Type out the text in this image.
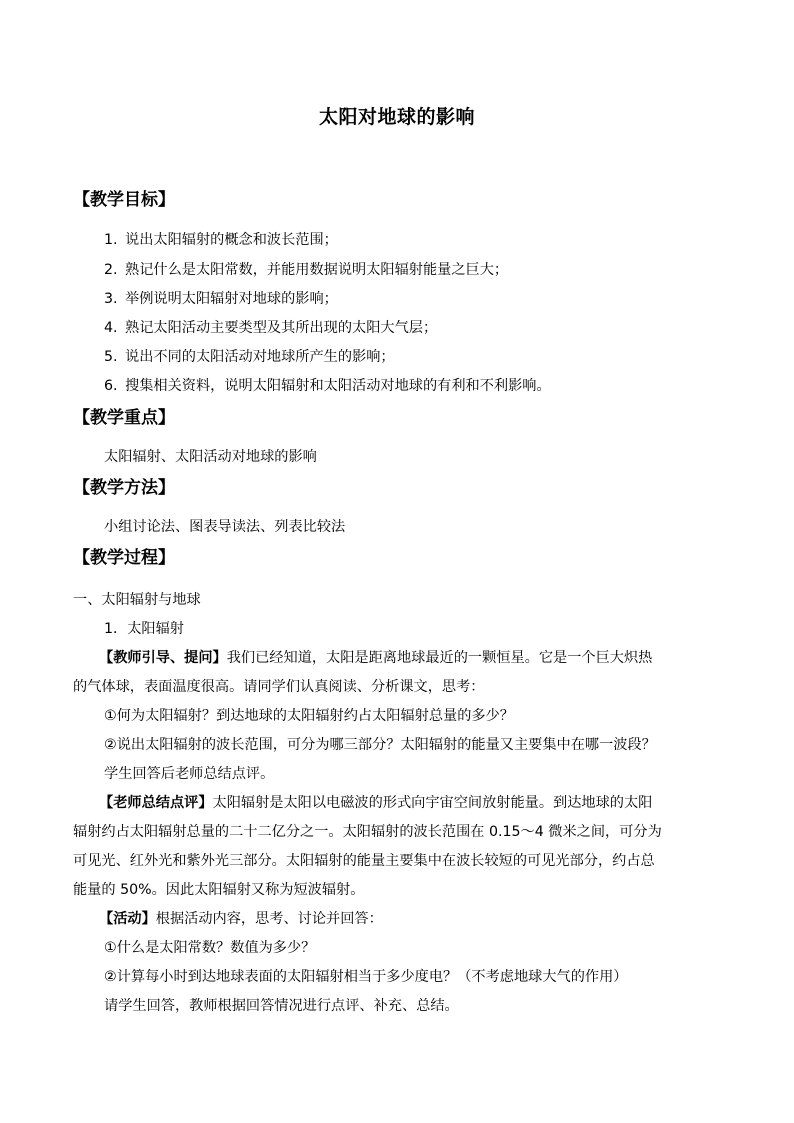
太阳对地球的影响
【教学目标】
1. 说出太阳辐射的概念和波长范围；
2. 熟记什么是太阳常数，并能用数据说明太阳辐射能量之巨大；
3. 举例说明太阳辐射对地球的影响；
4. 熟记太阳活动主要类型及其所出现的太阳大气层；
5. 说出不同的太阳活动对地球所产生的影响；
6. 搜集相关资料，说明太阳辐射和太阳活动对地球的有利和不利影响。
【教学重点】
太阳辐射、太阳活动对地球的影响
【教学方法】
小组讨论法、图表导读法、列表比较法
【教学过程】
一、太阳辐射与地球
1．太阳辐射
【教师引导、提问】我们已经知道，太阳是距离地球最近的一颗恒星。它是一个巨大炽热
的气体球，表面温度很高。请同学们认真阅读、分析课文，思考：
①何为太阳辐射？到达地球的太阳辐射约占太阳辐射总量的多少？
②说出太阳辐射的波长范围，可分为哪三部分？太阳辐射的能量又主要集中在哪一波段？
学生回答后老师总结点评。
【老师总结点评】太阳辐射是太阳以电磁波的形式向宇宙空间放射能量。到达地球的太阳
辐射约占太阳辐射总量的二十二亿分之一。太阳辐射的波长范围在 0.15～4 微米之间，可分为
可见光、红外光和紫外光三部分。太阳辐射的能量主要集中在波长较短的可见光部分，约占总
能量的 50%。因此太阳辐射又称为短波辐射。
【活动】根据活动内容，思考、讨论并回答：
①什么是太阳常数？数值为多少？
②计算每小时到达地球表面的太阳辐射相当于多少度电？（不考虑地球大气的作用）
请学生回答，教师根据回答情况进行点评、补充、总结。
